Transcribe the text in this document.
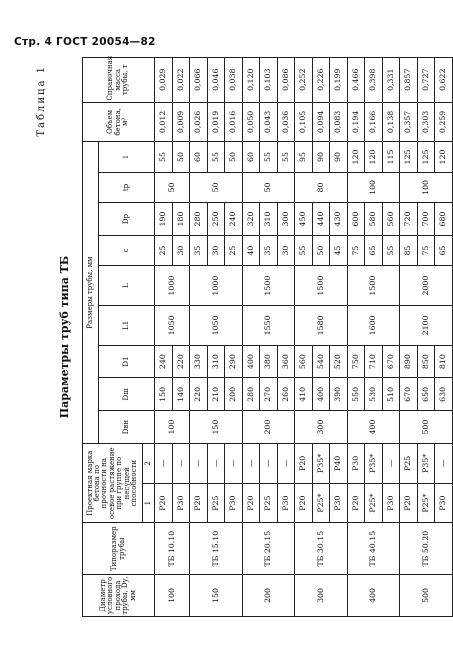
Стр. 4 ГОСТ 20054—82
Таблица 1
Параметры труб типа ТБ
Диаметр условного прохода трубы, Dу, мм	Типоразмер трубы	Проектная марка бетона по прочности на осевое растяжение при группе по несущей способности		Размеры трубы, мм									Объем бетона, м³	Справочная масса трубы, т
				Dвн	Dш	D1	L1	L	c	Dр	tр	l		
		1	2											
100	ТБ 10.10	Р20	—	100	150	240	1050	1000	25	190	50	55	0,012	0,029
		Р30	—		140	220			30	180		50	0,009	0,022
150	ТБ 15.10	Р20	—	150	220	330	1050	1000	35	280	50	60	0,026	0,066
		Р25	—		210	310			30	250		55	0,019	0,046
		Р30	—		200	290			25	240		50	0,016	0,038
200	ТБ 20.15	Р20	—	200	280	400	1550	1500	40	320	50	60	0,050	0,120
		Р25	—		270	380			35	310		55	0,043	0,103
		Р30	—		260	360			30	300		55	0,036	0,086
300	ТБ 30.15	Р20	Р20	300	410	560	1580	1500	55	450	80	95	0,105	0,252
		Р25*	Р35*		400	540			50	440		90	0,094	0,226
		Р30	Р40		390	520			45	430		90	0,083	0,199
400	ТБ 40.15	Р20	Р30	400	550	750	1600	1500	75	600	100	120	0,194	0,466
		Р25*	Р35*		530	710			65	580		120	0,166	0,398
		Р30	—		510	670			55	560		115	0,138	0,331
500	ТБ 50.20	Р20	Р25	500	670	890	2100	2000	85	720	100	125	0,357	0,857
		Р25*	Р35*		650	850			75	700		125	0,303	0,727
		Р30	—		630	810			65	680		120	0,259	0,622
